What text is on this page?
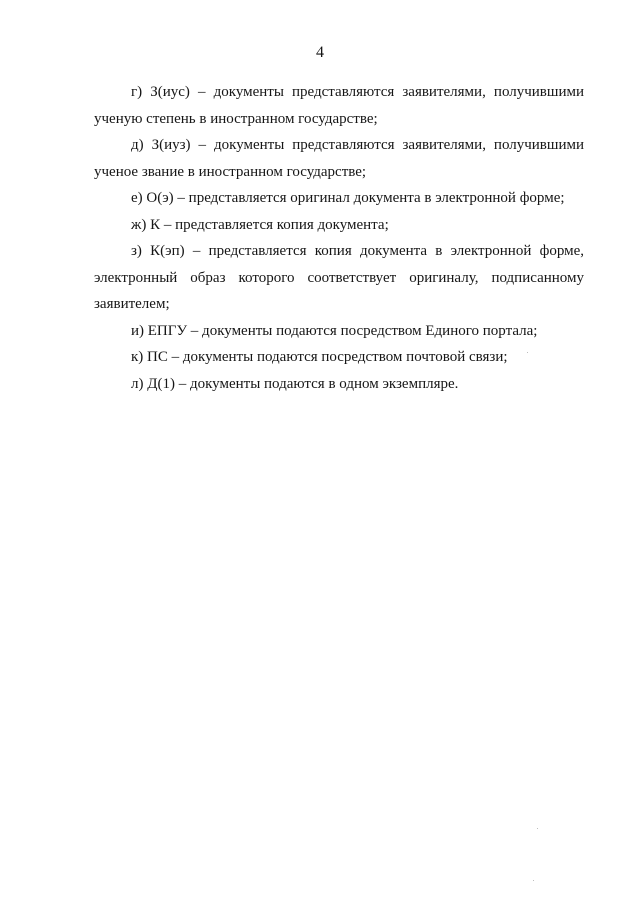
4

г) З(иус) – документы представляются заявителями, получившими ученую степень в иностранном государстве;

д) З(иуз) – документы представляются заявителями, получившими ученое звание в иностранном государстве;

е) О(э) – представляется оригинал документа в электронной форме;

ж) К – представляется копия документа;

з) К(эп) – представляется копия документа в электронной форме, электронный образ которого соответствует оригиналу, подписанному заявителем;

и) ЕПГУ – документы подаются посредством Единого портала;

к) ПС – документы подаются посредством почтовой связи;

л) Д(1) – документы подаются в одном экземпляре.
